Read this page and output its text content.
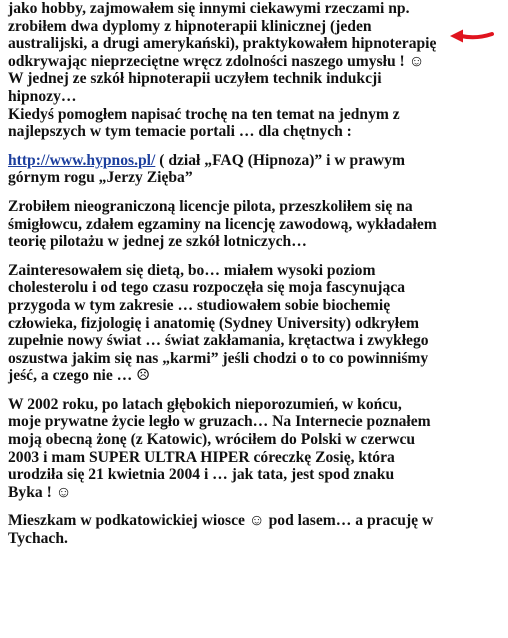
jako hobby, zajmowałem się innymi ciekawymi rzeczami np.
zrobiłem dwa dyplomy z hipnoterapii klinicznej (jeden
australijski, a drugi amerykański), praktykowałem hipnoterapię
odkrywając nieprzeciętne wręcz zdolności naszego umysłu ! ☺
W jednej ze szkół hipnoterapii uczyłem technik indukcji
hipnozy…
Kiedyś pomogłem napisać trochę na ten temat na jednym z
najlepszych w tym temacie portali … dla chętnych :
http://www.hypnos.pl/ ( dział „FAQ (Hipnoza)” i w prawym
górnym rogu „Jerzy Zięba”
Zrobiłem nieograniczoną licencje pilota, przeszkoliłem się na
śmigłowcu, zdałem egzaminy na licencję zawodową, wykładałem
teorię pilotażu w jednej ze szkół lotniczych…
Zainteresowałem się dietą, bo… miałem wysoki poziom
cholesterolu i od tego czasu rozpoczęła się moja fascynująca
przygoda w tym zakresie … studiowałem sobie biochemię
człowieka, fizjologię i anatomię (Sydney University) odkryłem
zupełnie nowy świat … świat zakłamania, krętactwa i zwykłego
oszustwa jakim się nas „karmi” jeśli chodzi o to co powinniśmy
jeść, a czego nie … ☹
W 2002 roku, po latach głębokich nieporozumień, w końcu,
moje prywatne życie legło w gruzach… Na Internecie poznałem
moją obecną żonę (z Katowic), wróciłem do Polski w czerwcu
2003 i mam SUPER ULTRA HIPER córeczkę Zosię, która
urodziła się 21 kwietnia 2004 i … jak tata, jest spod znaku
Byka ! ☺
Mieszkam w podkatowickiej wiosce ☺ pod lasem… a pracuję w
Tychach.
